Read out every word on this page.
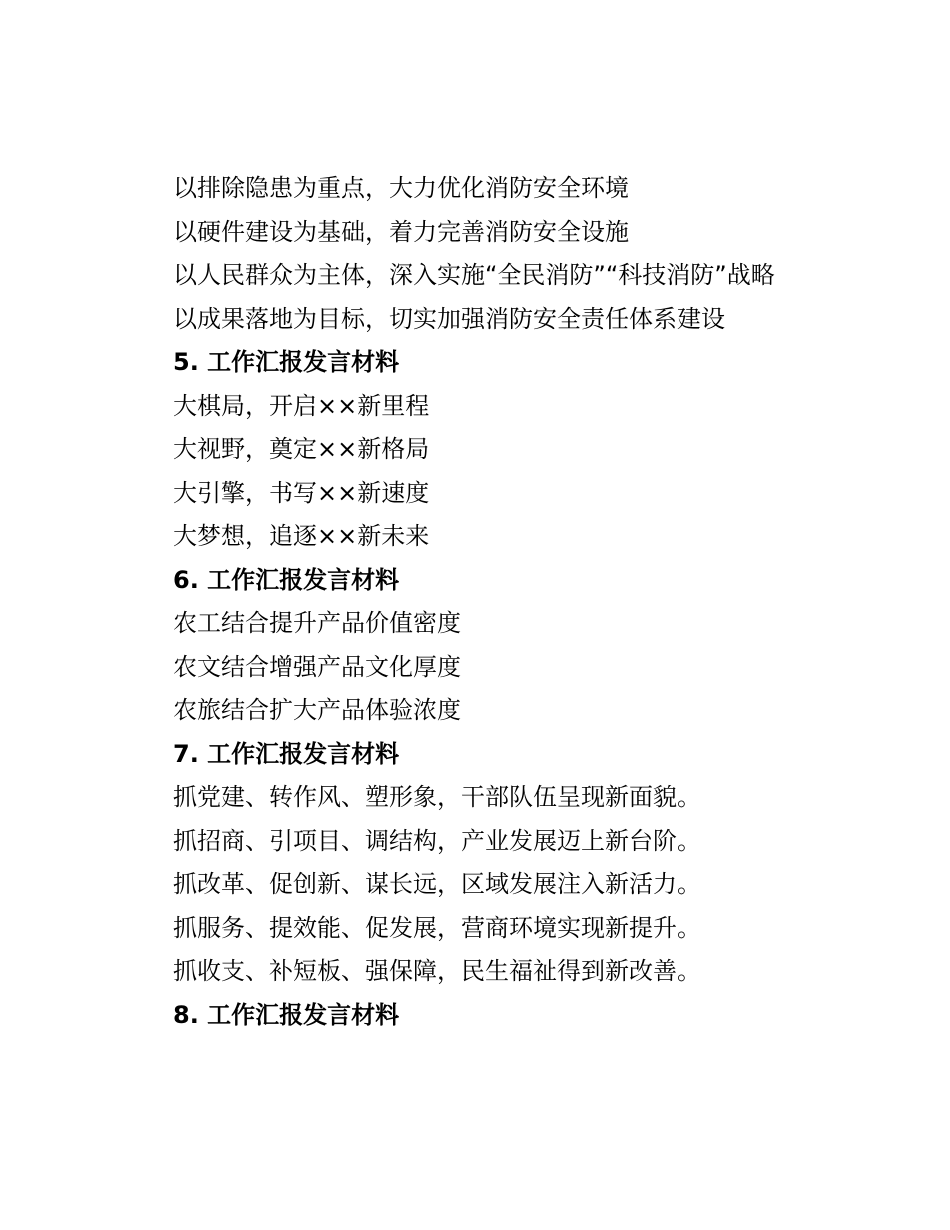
以排除隐患为重点，大力优化消防安全环境
以硬件建设为基础，着力完善消防安全设施
以人民群众为主体，深入实施“全民消防”“科技消防”战略
以成果落地为目标，切实加强消防安全责任体系建设
5. 工作汇报发言材料
大棋局，开启××新里程
大视野，奠定××新格局
大引擎，书写××新速度
大梦想，追逐××新未来
6. 工作汇报发言材料
农工结合提升产品价值密度
农文结合增强产品文化厚度
农旅结合扩大产品体验浓度
7. 工作汇报发言材料
抓党建、转作风、塑形象，干部队伍呈现新面貌。
抓招商、引项目、调结构，产业发展迈上新台阶。
抓改革、促创新、谋长远，区域发展注入新活力。
抓服务、提效能、促发展，营商环境实现新提升。
抓收支、补短板、强保障，民生福祉得到新改善。
8. 工作汇报发言材料
